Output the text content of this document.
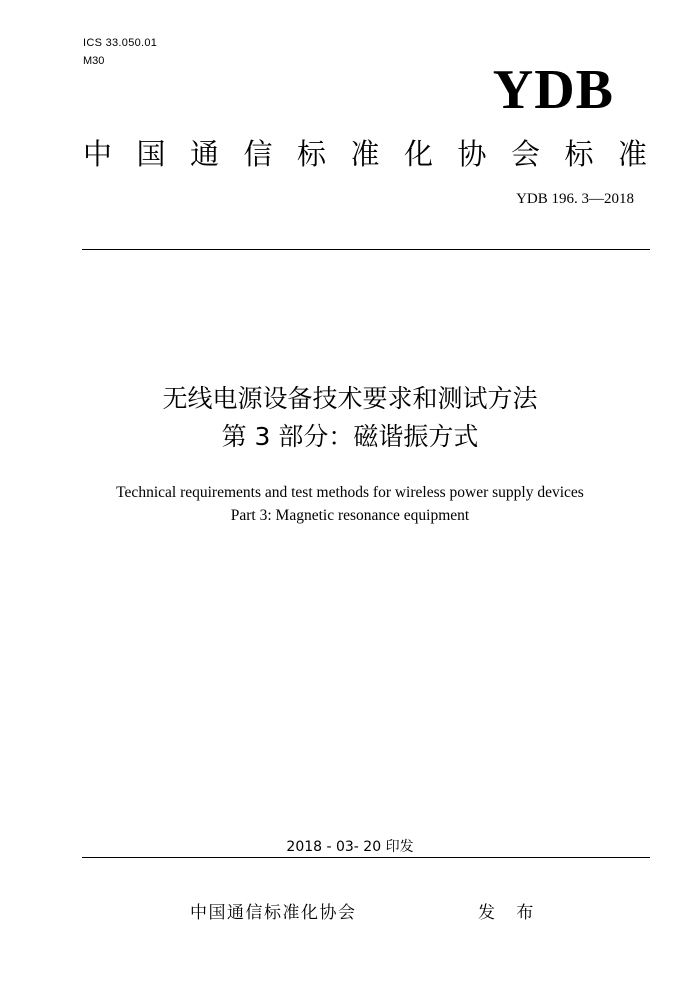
ICS 33.050.01
M30	YDB
中国通信标准化协会标准
YDB 196. 3—2018
无线电源设备技术要求和测试方法
第 3 部分：磁谐振方式
Technical requirements and test methods for wireless power supply devices
Part 3: Magnetic resonance equipment
2018 - 03- 20 印发
中国通信标准化协会	发 布
